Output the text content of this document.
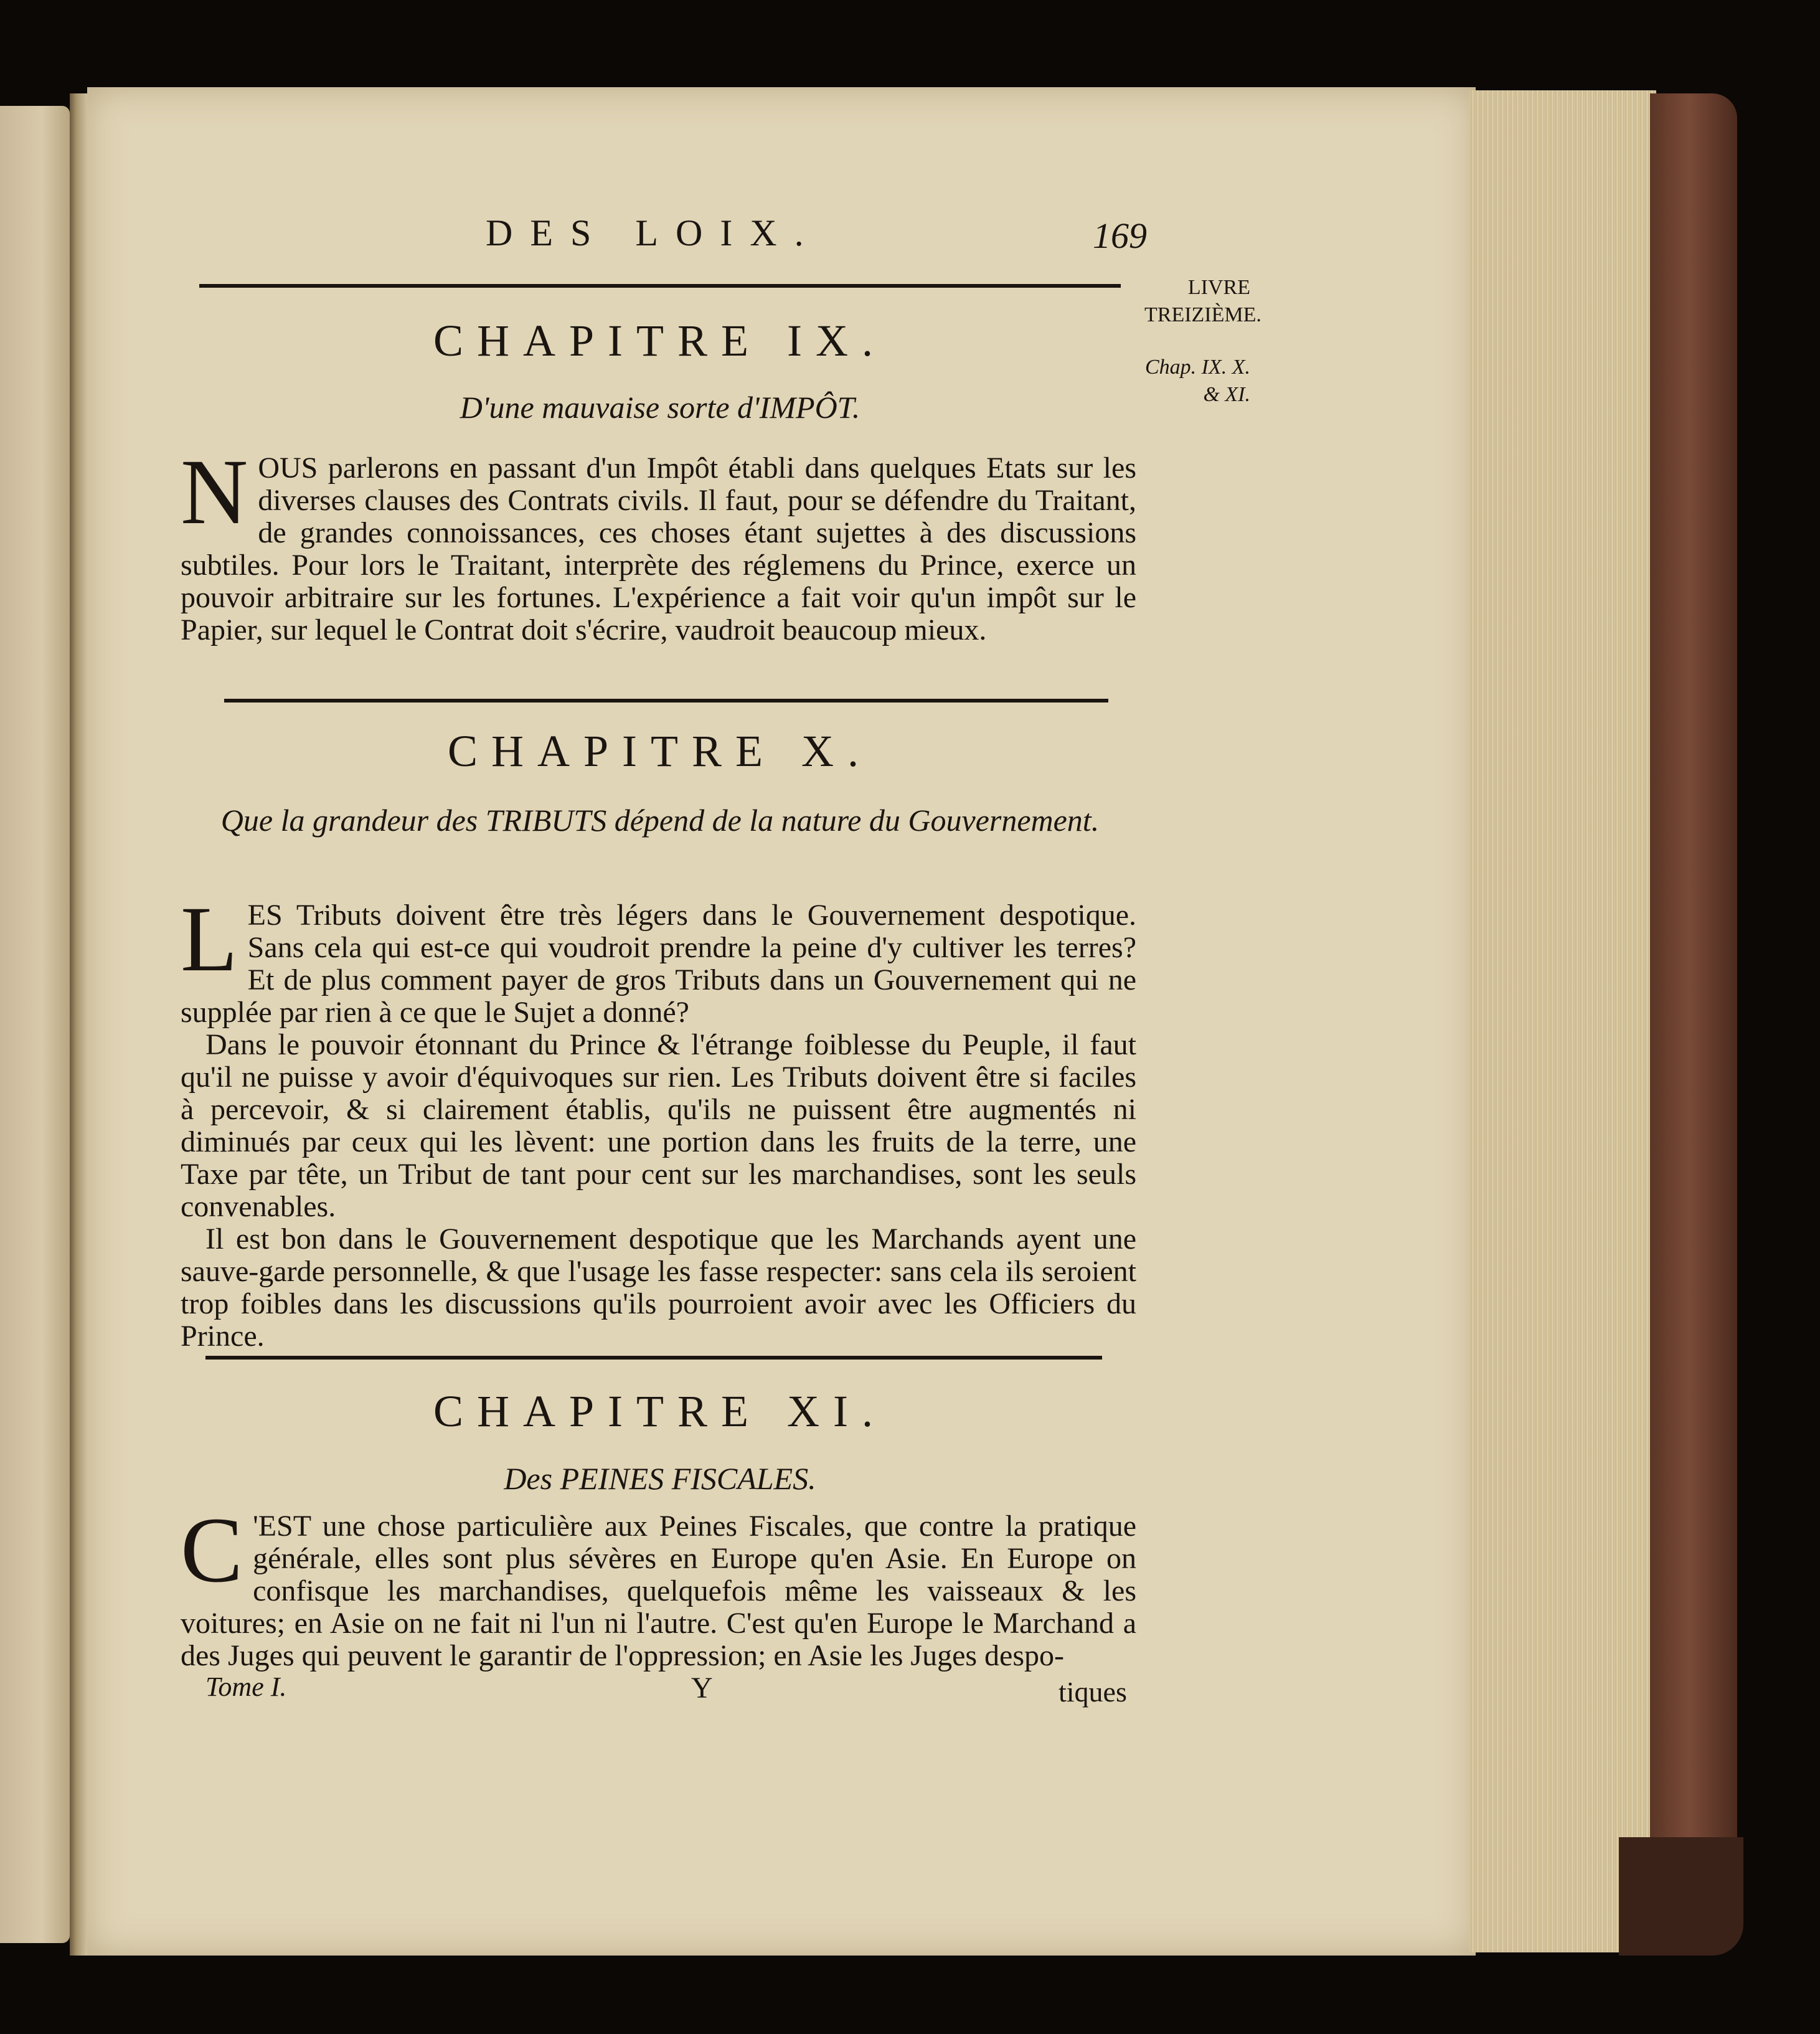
DES LOIX.	169
LIVRE TREIZIÈME.
Chap. IX. X. & XI.
CHAPITRE IX.
D'une mauvaise sorte d'IMPÔT.

NOUS parlerons en passant d'un Impôt établi dans quelques Etats sur les diverses clauses des Contrats civils. Il faut, pour se défendre du Traitant, de grandes connoissances, ces choses étant sujettes à des discussions subtiles. Pour lors le Traitant, interprète des réglemens du Prince, exerce un pouvoir arbitraire sur les fortunes. L'expérience a fait voir qu'un impôt sur le Papier, sur lequel le Contrat doit s'écrire, vaudroit beaucoup mieux.

CHAPITRE X.
Que la grandeur des TRIBUTS dépend de la nature du Gouvernement.

LES Tributs doivent être très légers dans le Gouvernement despotique. Sans cela qui est-ce qui voudroit prendre la peine d'y cultiver les terres? Et de plus comment payer de gros Tributs dans un Gouvernement qui ne supplée par rien à ce que le Sujet a donné?

Dans le pouvoir étonnant du Prince & l'étrange foiblesse du Peuple, il faut qu'il ne puisse y avoir d'équivoques sur rien. Les Tributs doivent être si faciles à percevoir, & si clairement établis, qu'ils ne puissent être augmentés ni diminués par ceux qui les lèvent: une portion dans les fruits de la terre, une Taxe par tête, un Tribut de tant pour cent sur les marchandises, sont les seuls convenables.

Il est bon dans le Gouvernement despotique que les Marchands ayent une sauve-garde personnelle, & que l'usage les fasse respecter: sans cela ils seroient trop foibles dans les discussions qu'ils pourroient avoir avec les Officiers du Prince.

CHAPITRE XI.
Des PEINES FISCALES.

C 'EST une chose particulière aux Peines Fiscales, que contre la pratique générale, elles sont plus sévères en Europe qu'en Asie. En Europe on confisque les marchandises, quelquefois même les vaisseaux & les voitures; en Asie on ne fait ni l'un ni l'autre. C'est qu'en Europe le Marchand a des Juges qui peuvent le garantir de l'oppression; en Asie les Juges despo-

Tome I.	Y	tiques
